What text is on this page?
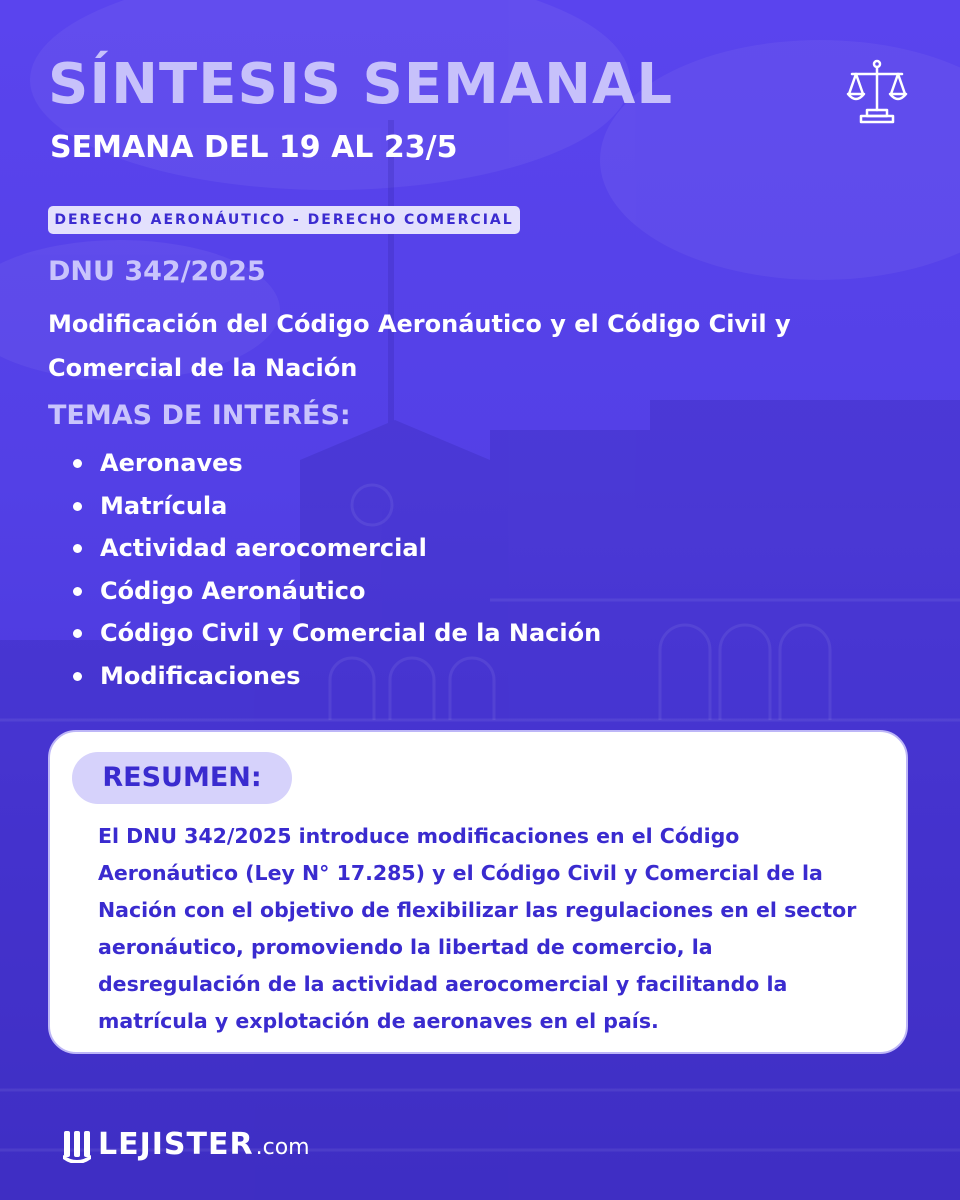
SÍNTESIS SEMANAL
SEMANA DEL 19 AL 23/5
DERECHO AERONÁUTICO - DERECHO COMERCIAL
DNU 342/2025
Modificación del Código Aeronáutico y el Código Civil y Comercial de la Nación
TEMAS DE INTERÉS:
Aeronaves
Matrícula
Actividad aerocomercial
Código Aeronáutico
Código Civil y Comercial de la Nación
Modificaciones
RESUMEN:

El DNU 342/2025 introduce modificaciones en el Código Aeronáutico (Ley N° 17.285) y el Código Civil y Comercial de la Nación con el objetivo de flexibilizar las regulaciones en el sector aeronáutico, promoviendo la libertad de comercio, la desregulación de la actividad aerocomercial y facilitando la matrícula y explotación de aeronaves en el país.

LEJISTER .com
